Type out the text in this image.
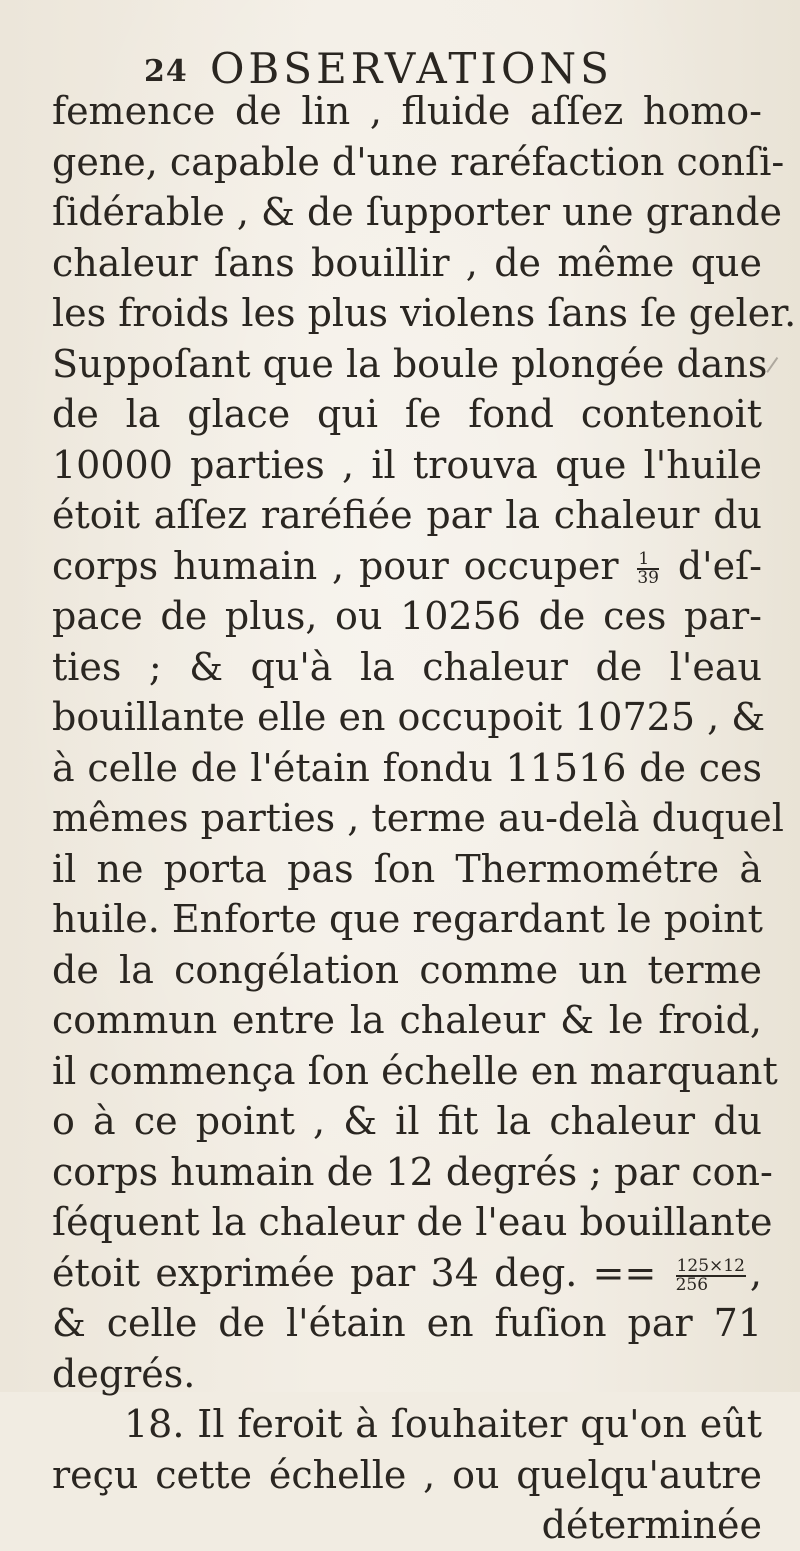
24 OBSERVATIONS
femence de lin , fluide aſſez homo-
gene, capable d'une raréfaction conſi-
ſidérable , & de ſupporter une grande
chaleur ſans bouillir , de même que
les froids les plus violens ſans ſe geler.
Suppoſant que la boule plongée dans
de la glace qui ſe fond contenoit
10000 parties , il trouva que l'huile
étoit aſſez raréfiée par la chaleur du
corps humain , pour occuper $\frac{1}{39}$ d'eſ-
pace de plus, ou 10256 de ces par-
ties ; & qu'à la chaleur de l'eau
bouillante elle en occupoit 10725 , &
à celle de l'étain fondu 11516 de ces
mêmes parties , terme au-delà duquel
il ne porta pas ſon Thermométre à
huile. Enforte que regardant le point
de la congélation comme un terme
commun entre la chaleur & le froid,
il commença ſon échelle en marquant
o à ce point , & il fit la chaleur du
corps humain de 12 degrés ; par con-
ſéquent la chaleur de l'eau bouillante
étoit exprimée par 34 deg. == $\frac{125\times 12}{256}$ ,
& celle de l'étain en fuſion par 71
degrés.
18. Il feroit à ſouhaiter qu'on eût
reçu cette échelle , ou quelqu'autre
déterminée
